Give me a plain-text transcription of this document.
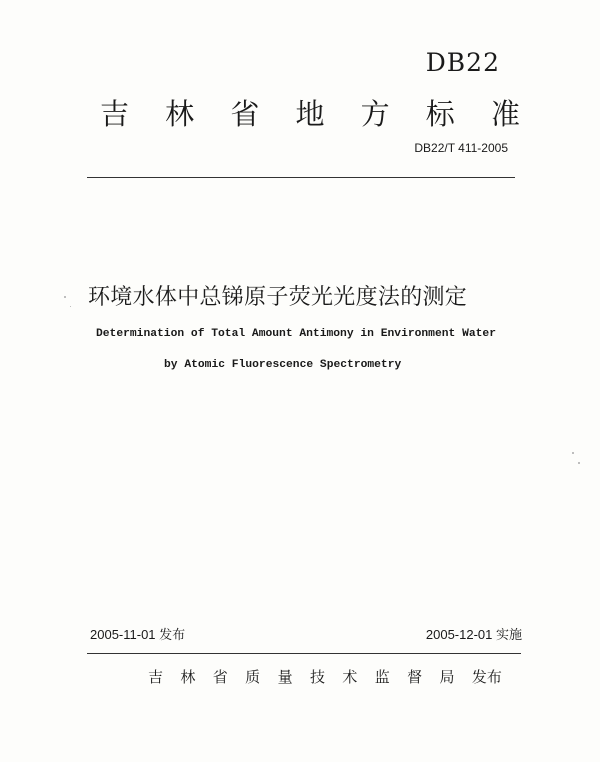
DB22
吉 林 省 地 方 标 准
DB22/T 411-2005
环境水体中总锑原子荧光光度法的测定
Determination of Total Amount Antimony in Environment Water
by Atomic Fluorescence Spectrometry
2005-11-01 发布	2005-12-01 实施
吉 林 省 质 量 技 术 监 督 局 发布
